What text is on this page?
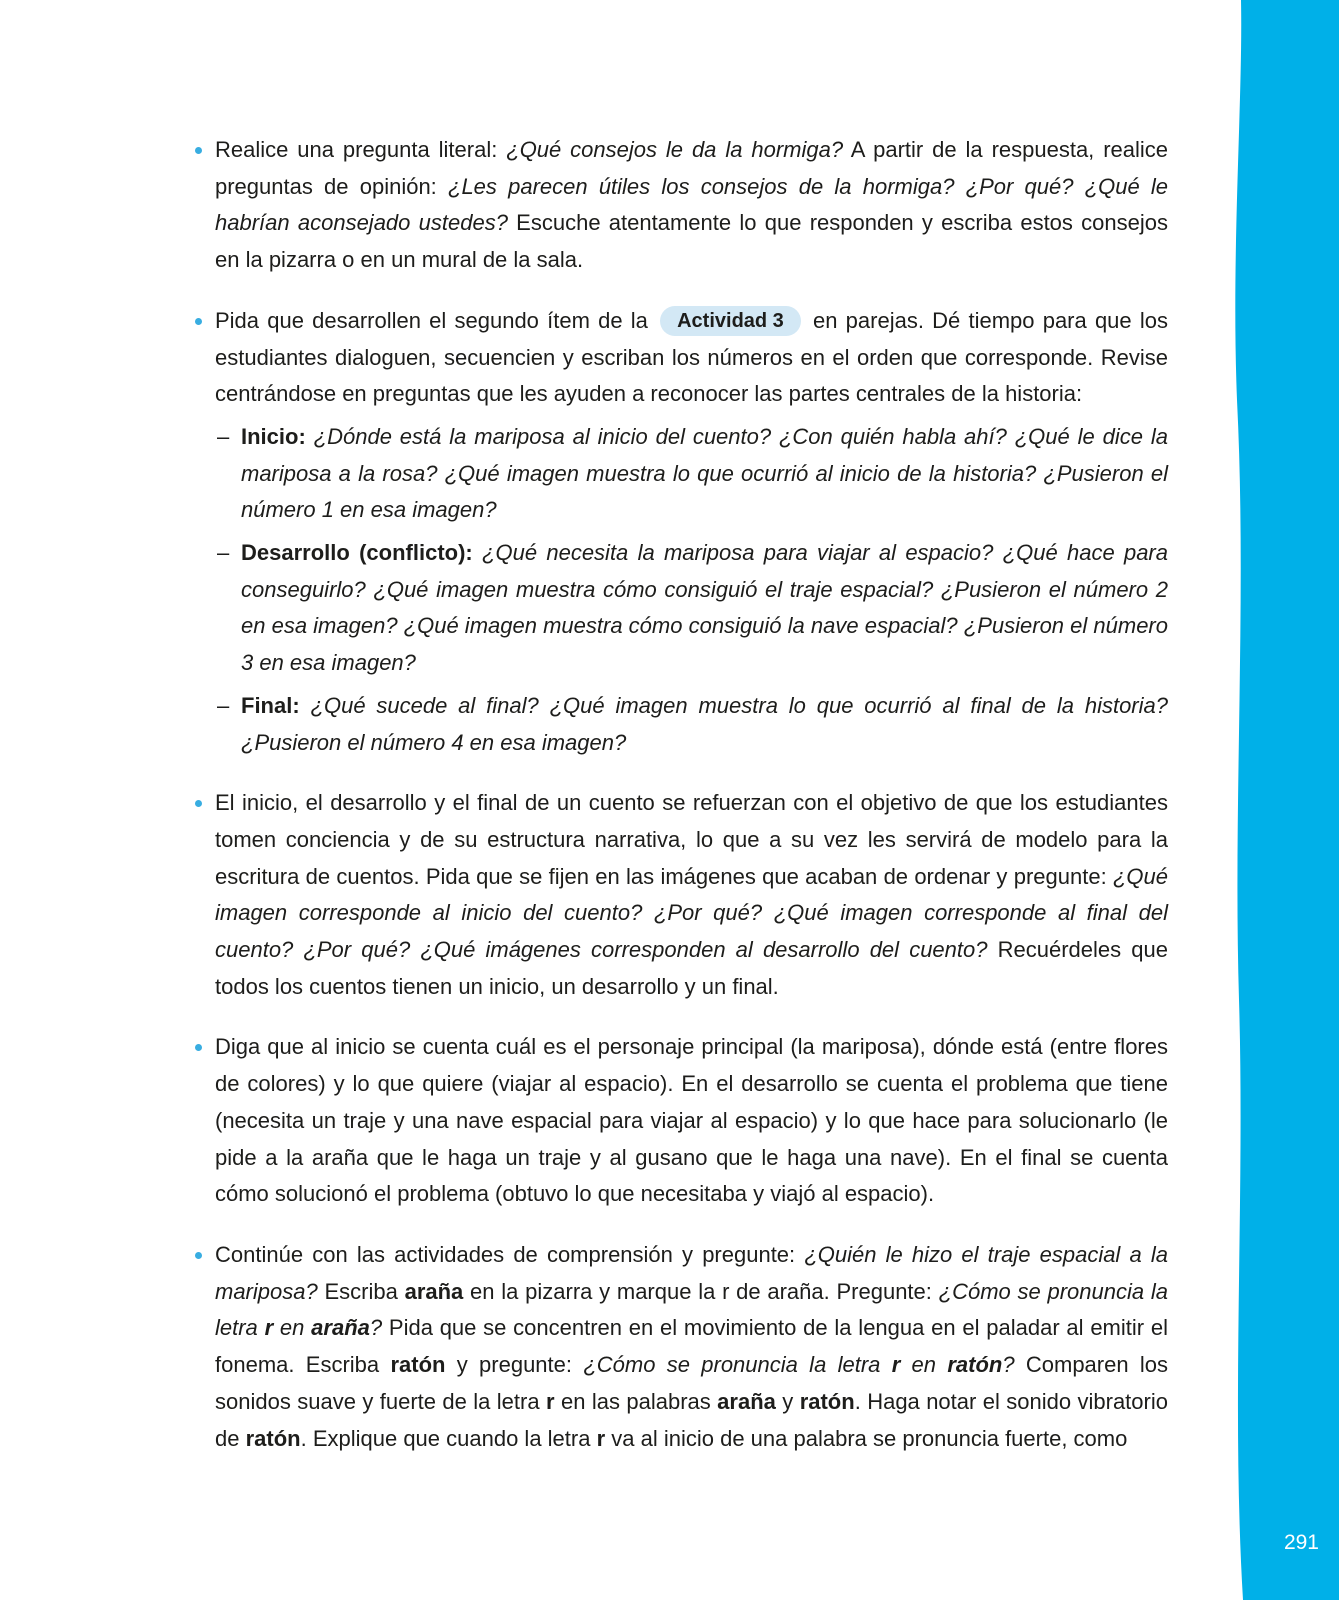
291
Realice una pregunta literal: ¿Qué consejos le da la hormiga? A partir de la respuesta, realice preguntas de opinión: ¿Les parecen útiles los consejos de la hormiga? ¿Por qué? ¿Qué le habrían aconsejado ustedes? Escuche atentamente lo que responden y escriba estos consejos en la pizarra o en un mural de la sala.
Pida que desarrollen el segundo ítem de la Actividad 3 en parejas. Dé tiempo para que los estudiantes dialoguen, secuencien y escriban los números en el orden que corresponde. Revise centrándose en preguntas que les ayuden a reconocer las partes centrales de la historia:
– Inicio: ¿Dónde está la mariposa al inicio del cuento? ¿Con quién habla ahí? ¿Qué le dice la mariposa a la rosa? ¿Qué imagen muestra lo que ocurrió al inicio de la historia? ¿Pusieron el número 1 en esa imagen?
– Desarrollo (conflicto): ¿Qué necesita la mariposa para viajar al espacio? ¿Qué hace para conseguirlo? ¿Qué imagen muestra cómo consiguió el traje espacial? ¿Pusieron el número 2 en esa imagen? ¿Qué imagen muestra cómo consiguió la nave espacial? ¿Pusieron el número 3 en esa imagen?
– Final: ¿Qué sucede al final? ¿Qué imagen muestra lo que ocurrió al final de la historia? ¿Pusieron el número 4 en esa imagen?
El inicio, el desarrollo y el final de un cuento se refuerzan con el objetivo de que los estudiantes tomen conciencia y de su estructura narrativa, lo que a su vez les servirá de modelo para la escritura de cuentos. Pida que se fijen en las imágenes que acaban de ordenar y pregunte: ¿Qué imagen corresponde al inicio del cuento? ¿Por qué? ¿Qué imagen corresponde al final del cuento? ¿Por qué? ¿Qué imágenes corresponden al desarrollo del cuento? Recuérdeles que todos los cuentos tienen un inicio, un desarrollo y un final.
Diga que al inicio se cuenta cuál es el personaje principal (la mariposa), dónde está (entre flores de colores) y lo que quiere (viajar al espacio). En el desarrollo se cuenta el problema que tiene (necesita un traje y una nave espacial para viajar al espacio) y lo que hace para solucionarlo (le pide a la araña que le haga un traje y al gusano que le haga una nave). En el final se cuenta cómo solucionó el problema (obtuvo lo que necesitaba y viajó al espacio).
Continúe con las actividades de comprensión y pregunte: ¿Quién le hizo el traje espacial a la mariposa? Escriba araña en la pizarra y marque la r de araña. Pregunte: ¿Cómo se pronuncia la letra r en araña? Pida que se concentren en el movimiento de la lengua en el paladar al emitir el fonema. Escriba ratón y pregunte: ¿Cómo se pronuncia la letra r en ratón? Comparen los sonidos suave y fuerte de la letra r en las palabras araña y ratón. Haga notar el sonido vibratorio de ratón. Explique que cuando la letra r va al inicio de una palabra se pronuncia fuerte, como
